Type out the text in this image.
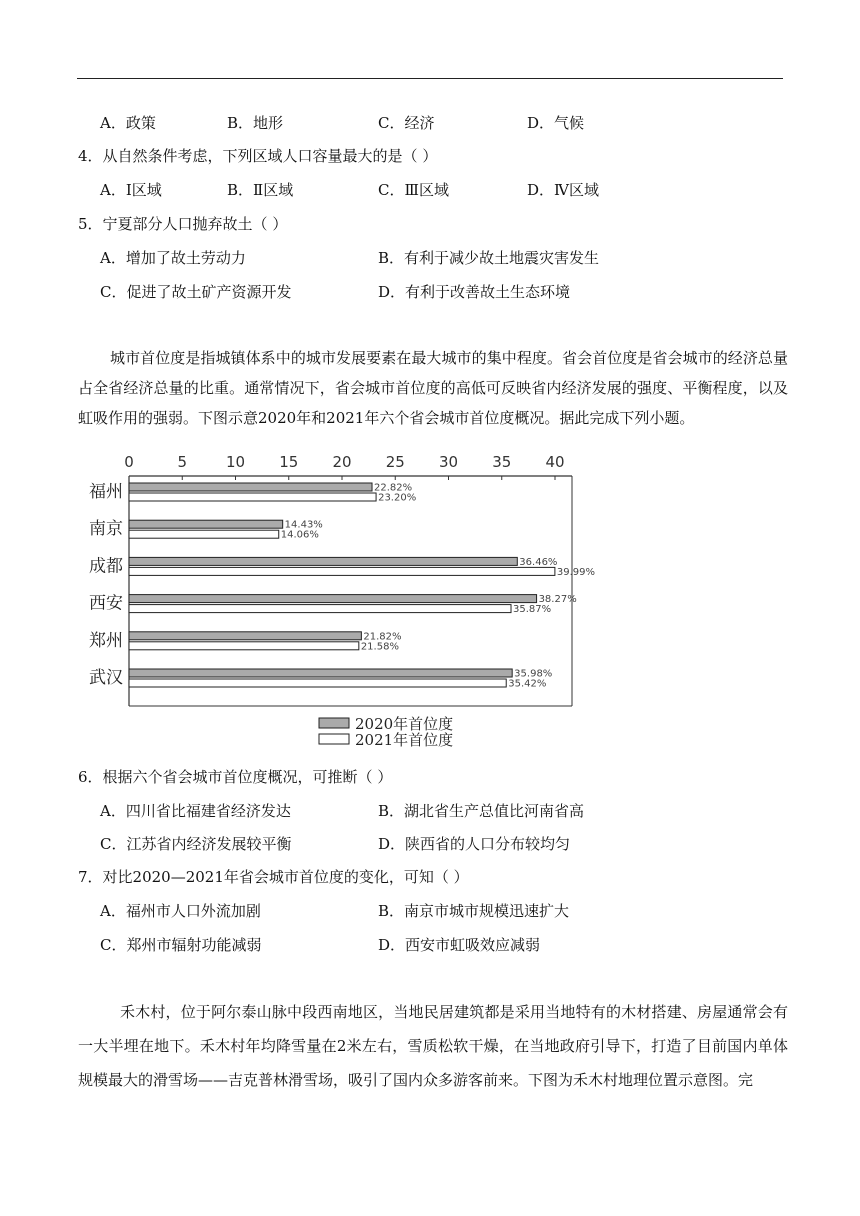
A．政策	B．地形	C．经济	D．气候
4．从自然条件考虑，下列区域人口容量最大的是（ ）
A．Ⅰ区域	B．Ⅱ区域	C．Ⅲ区域	D．Ⅳ区域
5．宁夏部分人口抛弃故土（ ）
A．增加了故土劳动力	B．有利于减少故土地震灾害发生
C．促进了故土矿产资源开发	D．有利于改善故土生态环境
城市首位度是指城镇体系中的城市发展要素在最大城市的集中程度。省会首位度是省会城市的经济总量占全省经济总量的比重。通常情况下，省会城市首位度的高低可反映省内经济发展的强度、平衡程度，以及虹吸作用的强弱。下图示意2020年和2021年六个省会城市首位度概况。据此完成下列小题。
0	5	10 15 20 25 30 35 40
福州
南京
成都
西安
郑州
武汉
22.82%
23.20%
14.43%
14.06%
36.46%
39.99%
38.27%
35.87%
21.82%
21.58%
35.98%
35.42%
2020年首位度
2021年首位度
6．根据六个省会城市首位度概况，可推断（ ）
A．四川省比福建省经济发达	B．湖北省生产总值比河南省高
C．江苏省内经济发展较平衡	D．陕西省的人口分布较均匀
7．对比2020—2021年省会城市首位度的变化，可知（ ）
A．福州市人口外流加剧	B．南京市城市规模迅速扩大
C．郑州市辐射功能减弱	D．西安市虹吸效应减弱
禾木村，位于阿尔泰山脉中段西南地区，当地民居建筑都是采用当地特有的木材搭建、房屋通常会有一大半埋在地下。禾木村年均降雪量在2米左右，雪质松软干燥，在当地政府引导下，打造了目前国内单体规模最大的滑雪场——吉克普林滑雪场，吸引了国内众多游客前来。下图为禾木村地理位置示意图。完
